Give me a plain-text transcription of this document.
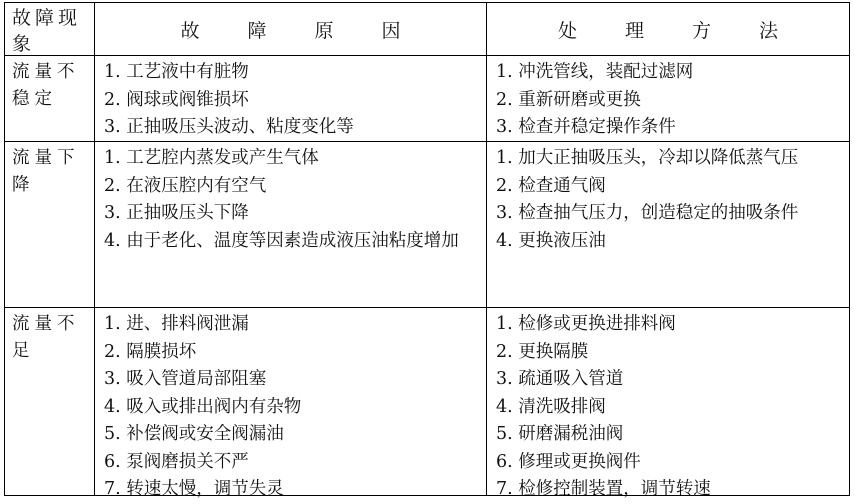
故障现象
故障原因	处理方法
流量不稳定
1. 工艺液中有脏物
2. 阀球或阀锥损坏
3. 正抽吸压头波动、粘度变化等
1. 冲洗管线，装配过滤网
2. 重新研磨或更换
3. 检查并稳定操作条件
流量下降
1. 工艺腔内蒸发或产生气体
2. 在液压腔内有空气
3. 正抽吸压头下降
4. 由于老化、温度等因素造成液压油粘度增加
1. 加大正抽吸压头，冷却以降低蒸气压
2. 检查通气阀
3. 检查抽气压力，创造稳定的抽吸条件
4. 更换液压油
流量不足
1. 进、排料阀泄漏
2. 隔膜损坏
3. 吸入管道局部阻塞
4. 吸入或排出阀内有杂物
5. 补偿阀或安全阀漏油
6. 泵阀磨损关不严
7. 转速太慢，调节失灵
1. 检修或更换进排料阀
2. 更换隔膜
3. 疏通吸入管道
4. 清洗吸排阀
5. 研磨漏税油阀
6. 修理或更换阀件
7. 检修控制装置，调节转速
